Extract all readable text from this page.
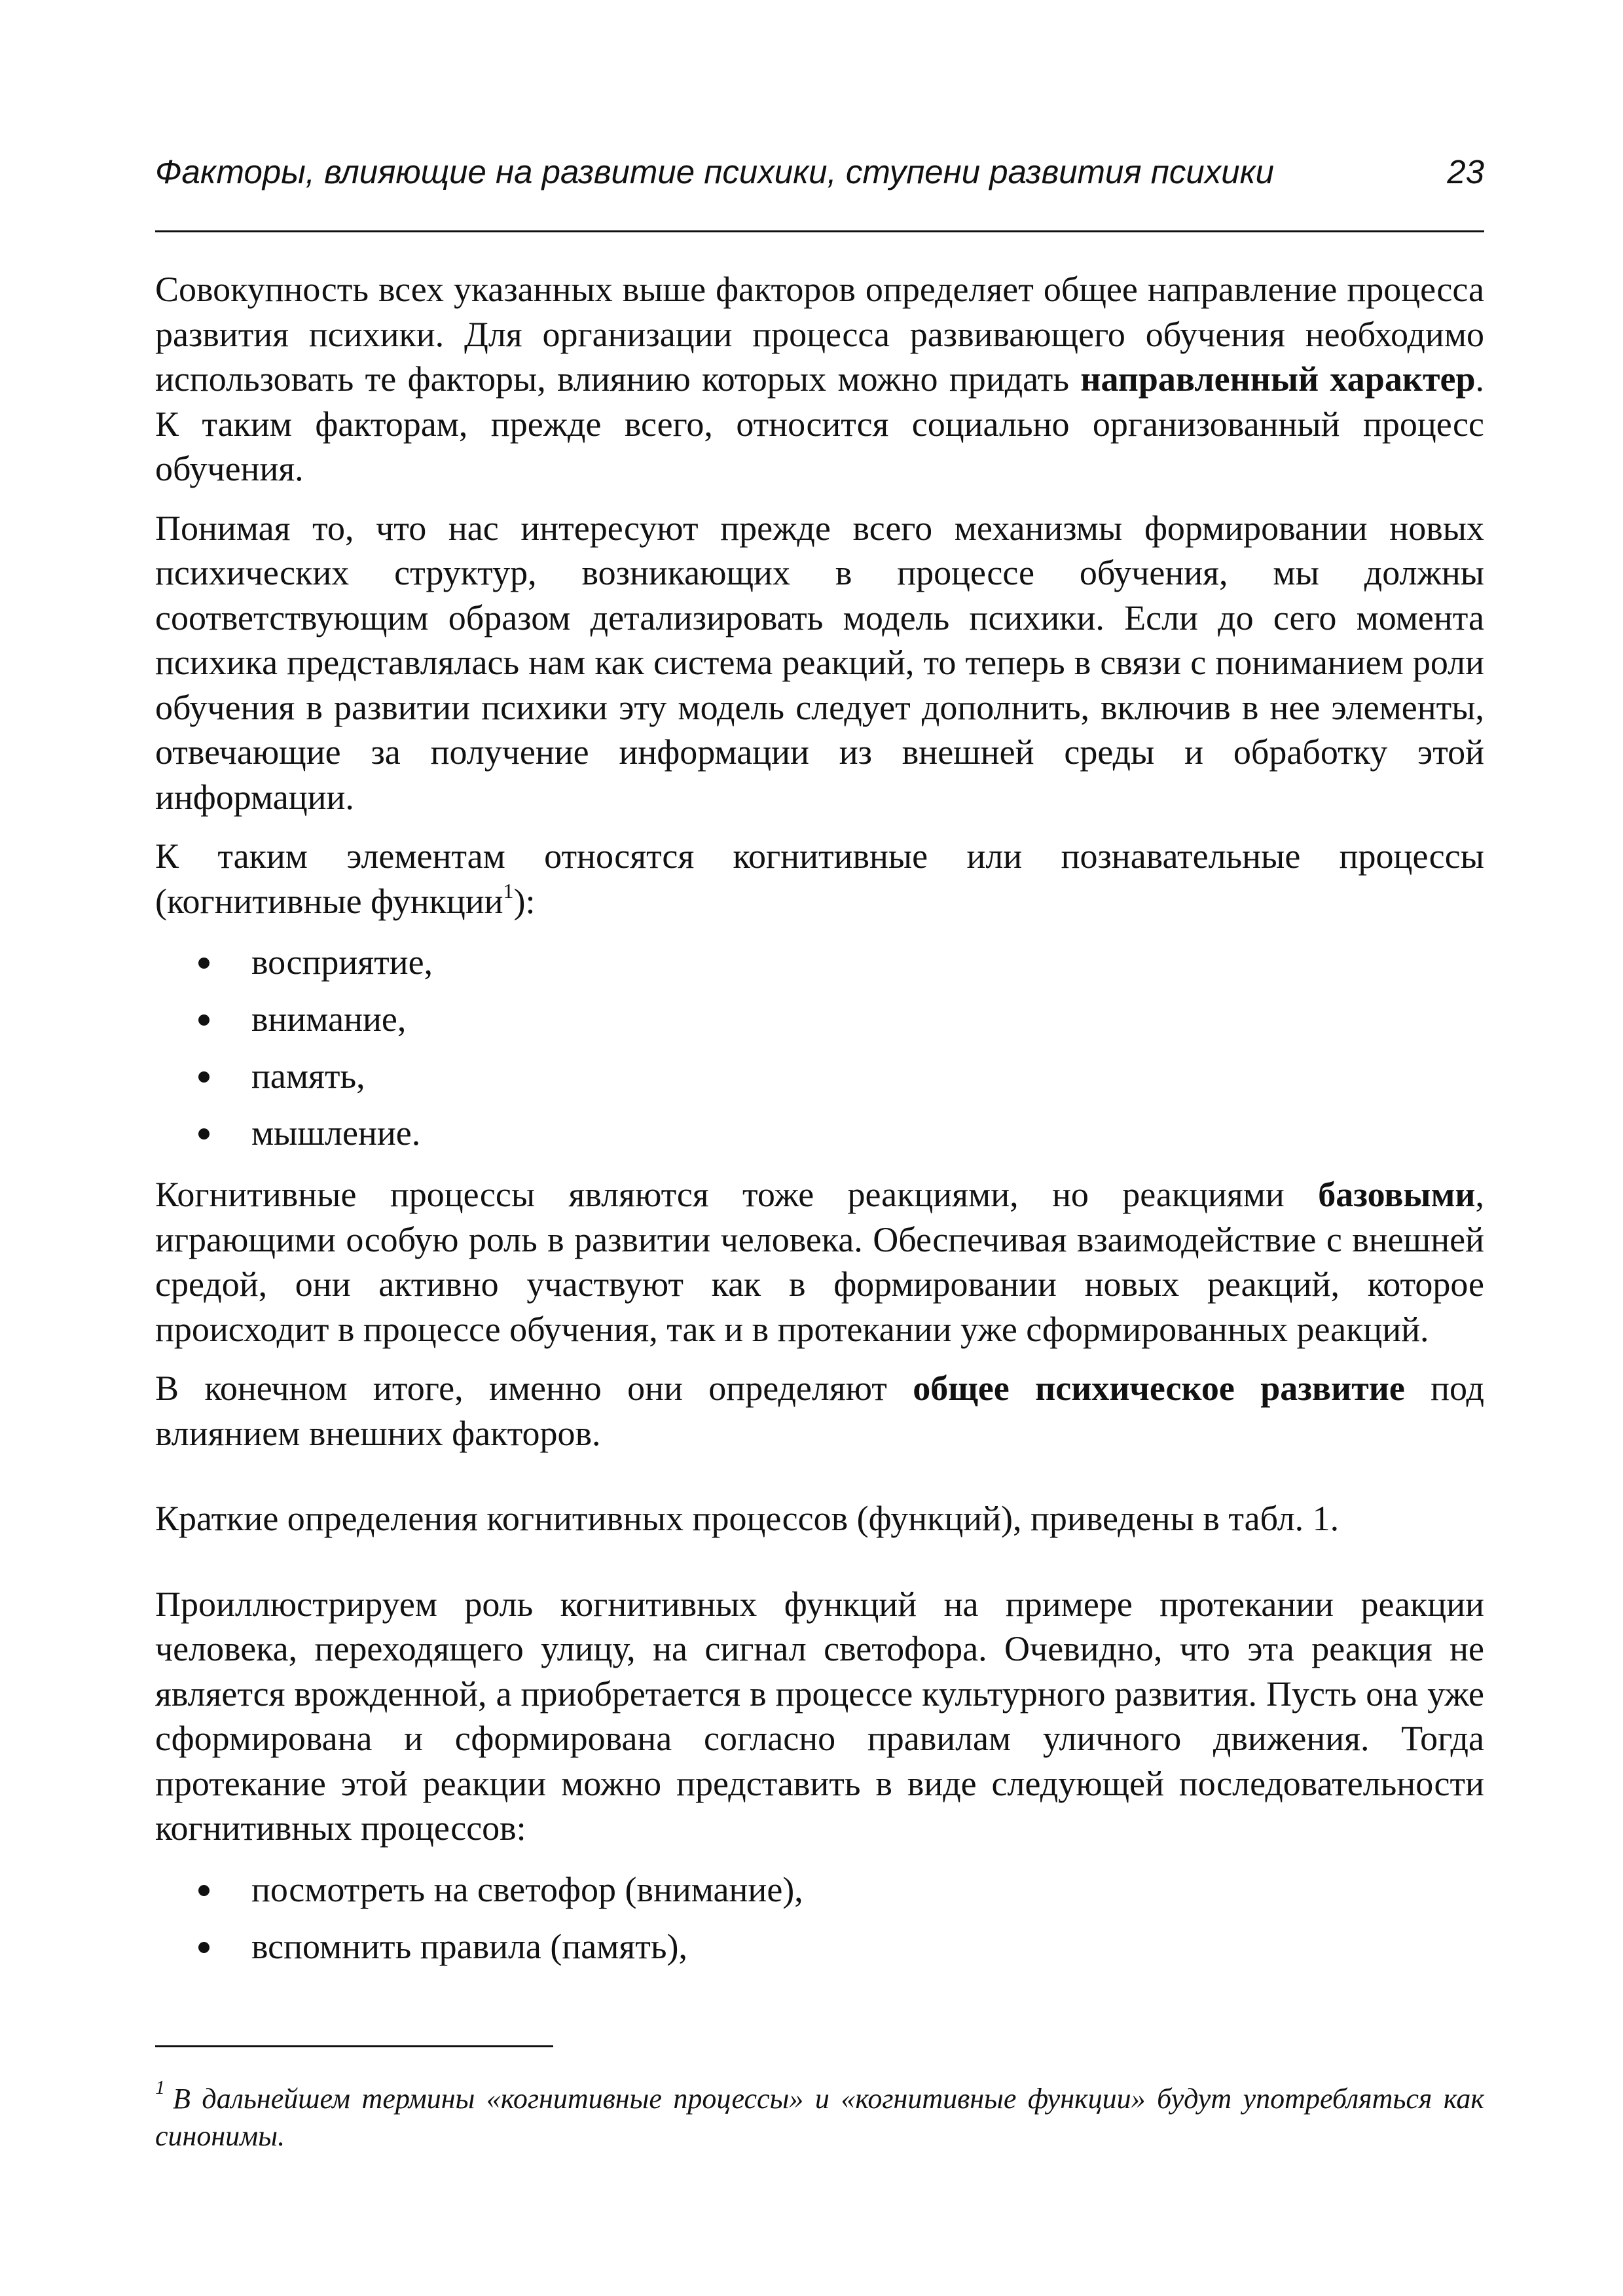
Факторы, влияющие на развитие психики, ступени развития психики	23

Совокупность всех указанных выше факторов определяет общее направление процесса развития психики. Для организации процесса развивающего обучения необходимо использовать те факторы, влиянию которых можно придать направленный характер. К таким факторам, прежде всего, относится социально организованный процесс обучения.

Понимая то, что нас интересуют прежде всего механизмы формировании новых психических структур, возникающих в процессе обучения, мы должны соответствующим образом детализировать модель психики. Если до сего момента психика представлялась нам как система реакций, то теперь в связи с пониманием роли обучения в развитии психики эту модель следует дополнить, включив в нее элементы, отвечающие за получение информации из внешней среды и обработку этой информации.

К таким элементам относятся когнитивные или познавательные процессы (когнитивные функции$^1$):

восприятие,
внимание,
память,
мышление.

Когнитивные процессы являются тоже реакциями, но реакциями базовыми, играющими особую роль в развитии человека. Обеспечивая взаимодействие с внешней средой, они активно участвуют как в формировании новых реакций, которое происходит в процессе обучения, так и в протекании уже сформированных реакций.

В конечном итоге, именно они определяют общее психическое развитие под влиянием внешних факторов.

Краткие определения когнитивных процессов (функций), приведены в табл. 1.

Проиллюстрируем роль когнитивных функций на примере протекании реакции человека, переходящего улицу, на сигнал светофора. Очевидно, что эта реакция не является врожденной, а приобретается в процессе культурного развития. Пусть она уже сформирована и сформирована согласно правилам уличного движения. Тогда протекание этой реакции можно представить в виде следующей последовательности когнитивных процессов:

посмотреть на светофор (внимание),
вспомнить правила (память),
$^1$ В дальнейшем термины «когнитивные процессы» и «когнитивные функции» будут употребляться как синонимы.
